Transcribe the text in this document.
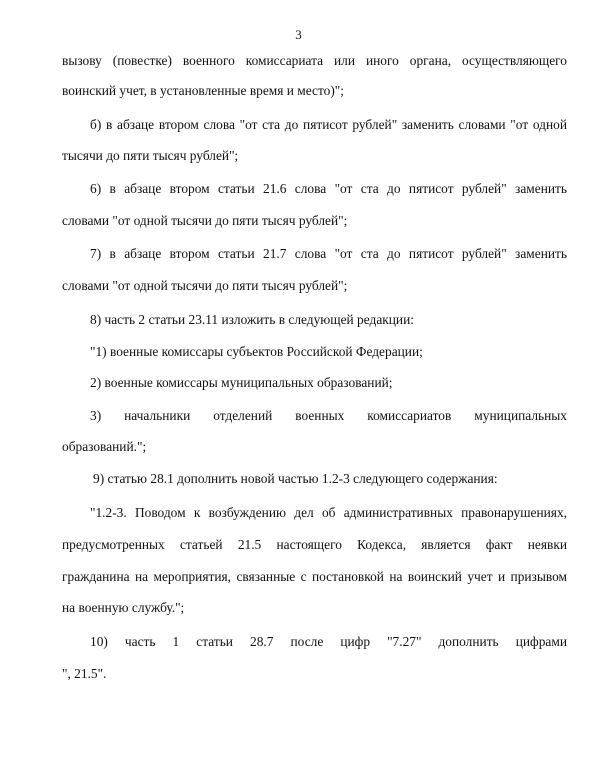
3
вызову (повестке) военного комиссариата или иного органа, осуществляющего
воинский учет, в установленные время и место)";
б) в абзаце втором слова "от ста до пятисот рублей" заменить словами "от одной
тысячи до пяти тысяч рублей";
6) в абзаце втором статьи 21.6 слова "от ста до пятисот рублей" заменить
словами "от одной тысячи до пяти тысяч рублей";
7) в абзаце втором статьи 21.7 слова "от ста до пятисот рублей" заменить
словами "от одной тысячи до пяти тысяч рублей";
8) часть 2 статьи 23.11 изложить в следующей редакции:
"1) военные комиссары субъектов Российской Федерации;
2) военные комиссары муниципальных образований;
3) начальники отделений военных комиссариатов муниципальных
образований.";
9) статью 28.1 дополнить новой частью 1.2-3 следующего содержания:
"1.2-3. Поводом к возбуждению дел об административных правонарушениях,
предусмотренных статьей 21.5 настоящего Кодекса, является факт неявки
гражданина на мероприятия, связанные с постановкой на воинский учет и призывом
на военную службу.";
10) часть 1 статьи 28.7 после цифр "7.27" дополнить цифрами
", 21.5".
